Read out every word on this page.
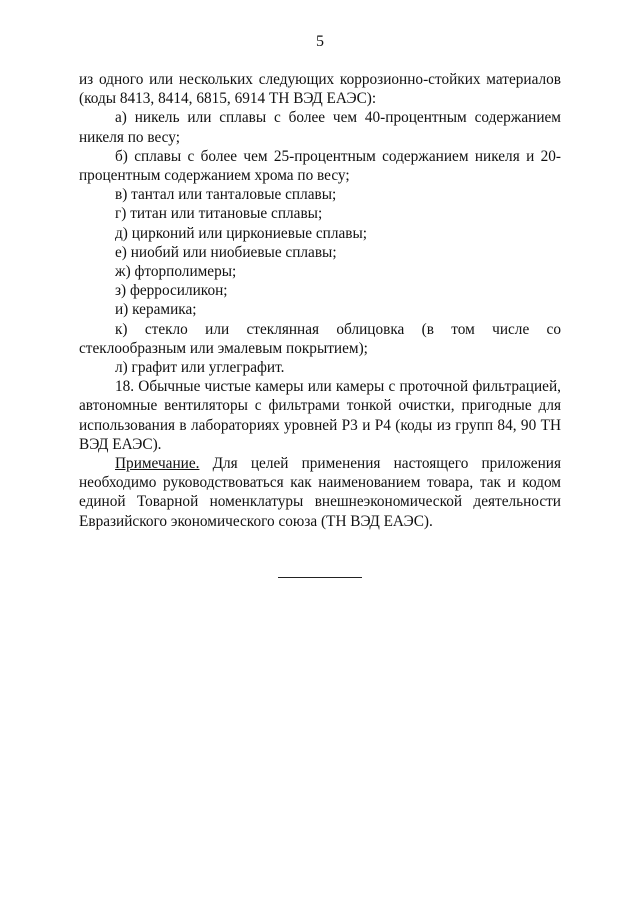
5

из одного или нескольких следующих коррозионно-стойких материалов (коды 8413, 8414, 6815, 6914 ТН ВЭД ЕАЭС):

а) никель или сплавы с более чем 40-процентным содержанием никеля по весу;

б) сплавы с более чем 25-процентным содержанием никеля и 20-процентным содержанием хрома по весу;

в) тантал или танталовые сплавы;

г) титан или титановые сплавы;

д) цирконий или циркониевые сплавы;

е) ниобий или ниобиевые сплавы;

ж) фторполимеры;

з) ферросиликон;

и) керамика;

к) стекло или стеклянная облицовка (в том числе со стеклообразным или эмалевым покрытием);

л) графит или углеграфит.

18. Обычные чистые камеры или камеры с проточной фильтрацией, автономные вентиляторы с фильтрами тонкой очистки, пригодные для использования в лабораториях уровней Р3 и Р4 (коды из групп 84, 90 ТН ВЭД ЕАЭС).

Примечание. Для целей применения настоящего приложения необходимо руководствоваться как наименованием товара, так и кодом единой Товарной номенклатуры внешнеэкономической деятельности Евразийского экономического союза (ТН ВЭД ЕАЭС).
